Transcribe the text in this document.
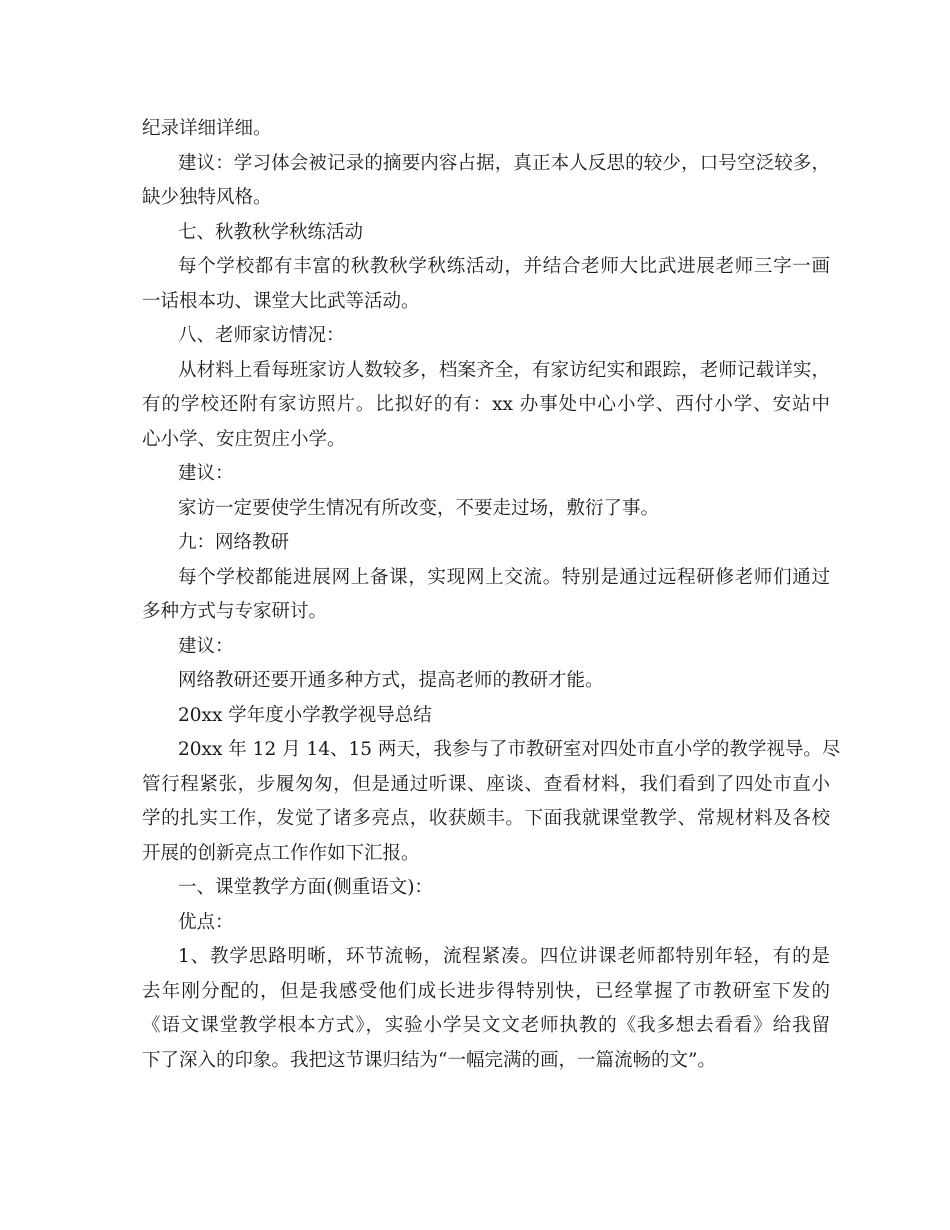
纪录详细详细。
建议：学习体会被记录的摘要内容占据，真正本人反思的较少，口号空泛较多，
缺少独特风格。
七、秋教秋学秋练活动
每个学校都有丰富的秋教秋学秋练活动，并结合老师大比武进展老师三字一画
一话根本功、课堂大比武等活动。
八、老师家访情况：
从材料上看每班家访人数较多，档案齐全，有家访纪实和跟踪，老师记载详实，
有的学校还附有家访照片。比拟好的有：xx 办事处中心小学、西付小学、安站中
心小学、安庄贺庄小学。
建议：
家访一定要使学生情况有所改变，不要走过场，敷衍了事。
九：网络教研
每个学校都能进展网上备课，实现网上交流。特别是通过远程研修老师们通过
多种方式与专家研讨。
建议：
网络教研还要开通多种方式，提高老师的教研才能。
20xx 学年度小学教学视导总结
20xx 年 12 月 14、15 两天，我参与了市教研室对四处市直小学的教学视导。尽
管行程紧张，步履匆匆，但是通过听课、座谈、查看材料，我们看到了四处市直小
学的扎实工作，发觉了诸多亮点，收获颇丰。下面我就课堂教学、常规材料及各校
开展的创新亮点工作作如下汇报。
一、课堂教学方面(侧重语文)：
优点：
1、教学思路明晰，环节流畅，流程紧凑。四位讲课老师都特别年轻，有的是
去年刚分配的，但是我感受他们成长进步得特别快，已经掌握了市教研室下发的
《语文课堂教学根本方式》，实验小学吴文文老师执教的《我多想去看看》给我留
下了深入的印象。我把这节课归结为“一幅完满的画，一篇流畅的文”。
